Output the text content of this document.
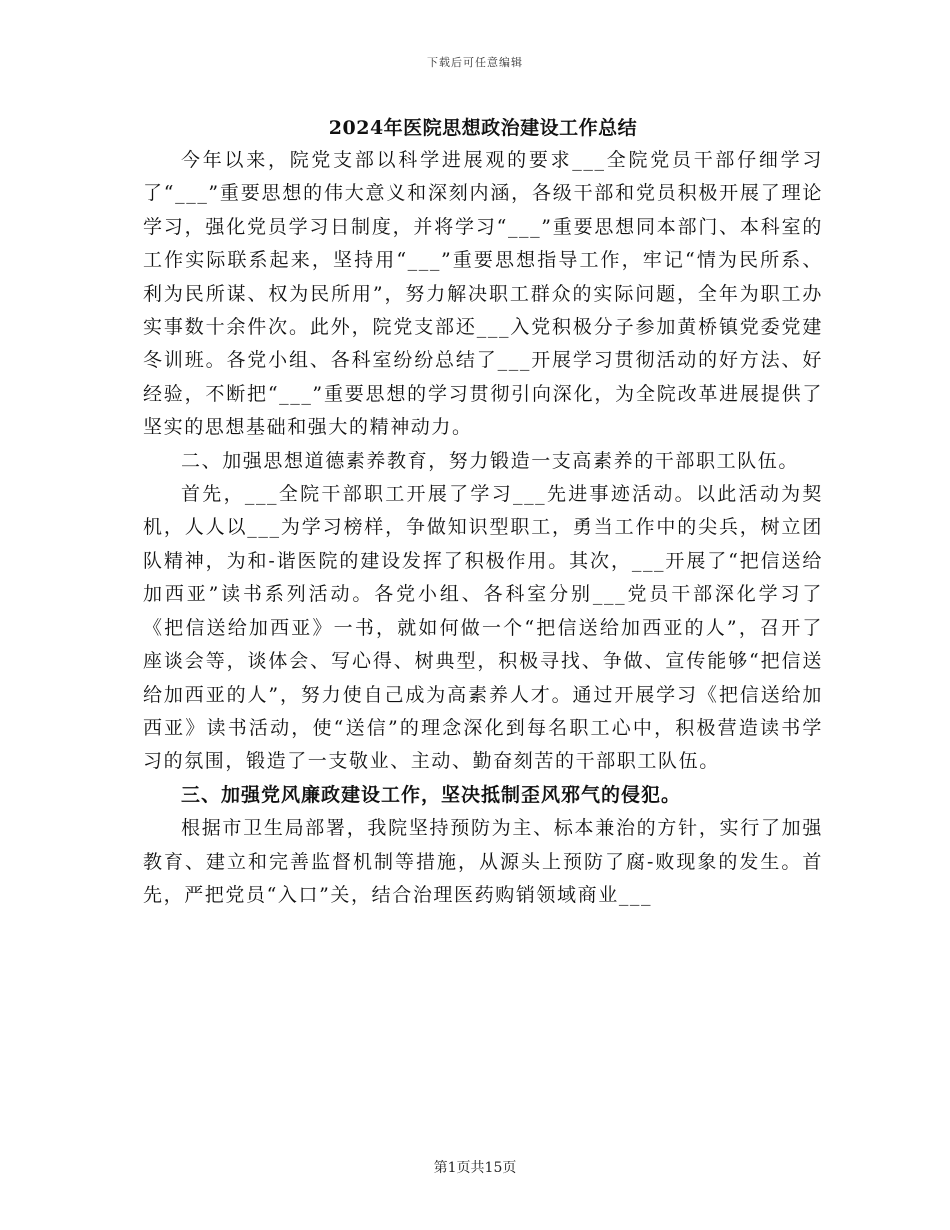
下载后可任意编辑
2024年医院思想政治建设工作总结

今年以来，院党支部以科学进展观的要求___全院党员干部仔细学习了“___”重要思想的伟大意义和深刻内涵，各级干部和党员积极开展了理论学习，强化党员学习日制度，并将学习“___”重要思想同本部门、本科室的工作实际联系起来，坚持用“___”重要思想指导工作，牢记“情为民所系、利为民所谋、权为民所用”，努力解决职工群众的实际问题，全年为职工办实事数十余件次。此外，院党支部还___入党积极分子参加黄桥镇党委党建冬训班。各党小组、各科室纷纷总结了___开展学习贯彻活动的好方法、好经验，不断把“___”重要思想的学习贯彻引向深化，为全院改革进展提供了坚实的思想基础和强大的精神动力。

二、加强思想道德素养教育，努力锻造一支高素养的干部职工队伍。

首先，___全院干部职工开展了学习___先进事迹活动。以此活动为契机，人人以___为学习榜样，争做知识型职工，勇当工作中的尖兵，树立团队精神，为和-谐医院的建设发挥了积极作用。其次，___开展了“把信送给加西亚”读书系列活动。各党小组、各科室分别___党员干部深化学习了《把信送给加西亚》一书，就如何做一个“把信送给加西亚的人”，召开了座谈会等，谈体会、写心得、树典型，积极寻找、争做、宣传能够“把信送给加西亚的人”，努力使自己成为高素养人才。通过开展学习《把信送给加西亚》读书活动，使“送信”的理念深化到每名职工心中，积极营造读书学习的氛围，锻造了一支敬业、主动、勤奋刻苦的干部职工队伍。

三、加强党风廉政建设工作，坚决抵制歪风邪气的侵犯。

根据市卫生局部署，我院坚持预防为主、标本兼治的方针，实行了加强教育、建立和完善监督机制等措施，从源头上预防了腐-败现象的发生。首先，严把党员“入口”关，结合治理医药购销领域商业___

第1页共15页
